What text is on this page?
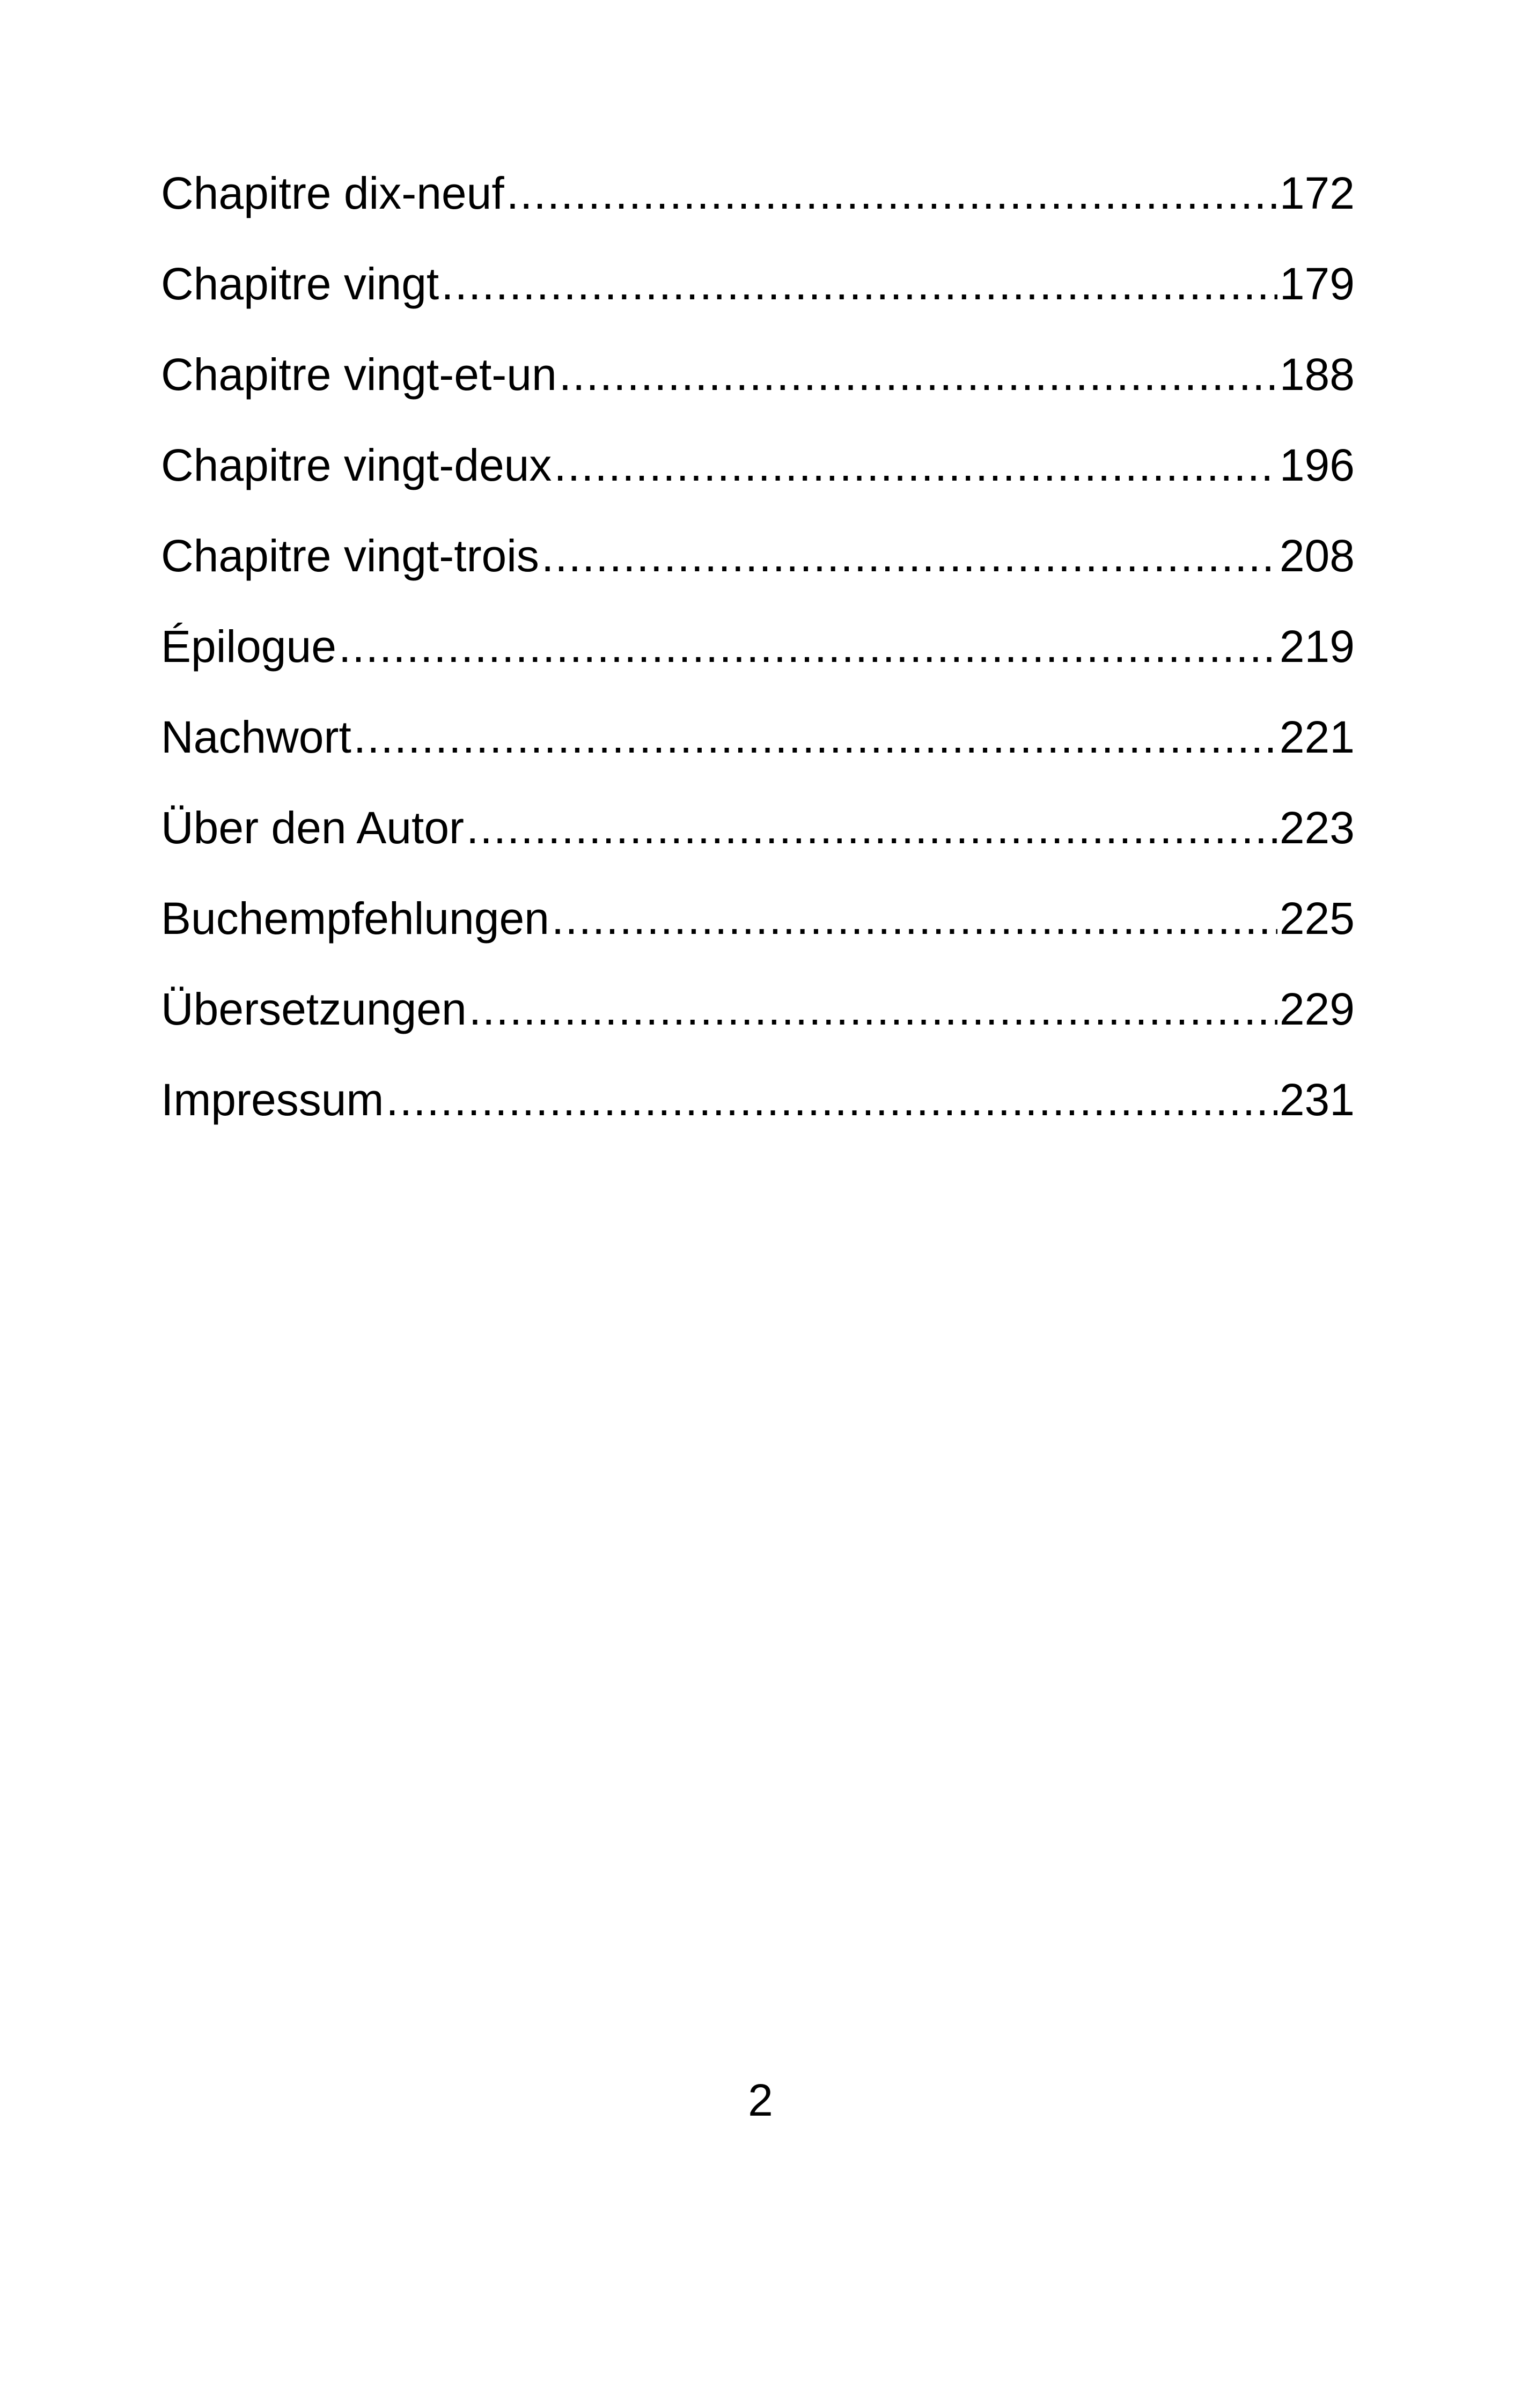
Chapitre dix-neuf .....	172
Chapitre vingt .....	179
Chapitre vingt-et-un .....	188
Chapitre vingt-deux .....	196
Chapitre vingt-trois .....	208
Épilogue .....	219
Nachwort .....	221
Über den Autor .....	223
Buchempfehlungen .....	225
Übersetzungen .....	229
Impressum .....	231
2
